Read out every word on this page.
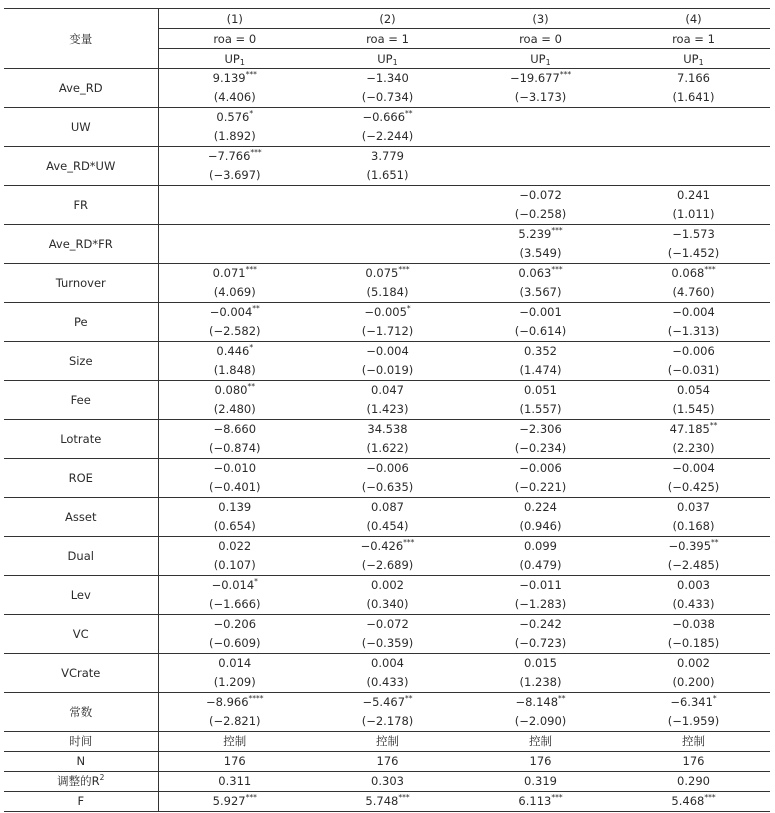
变量	(1)	(2)	(3)	(4)
	roa = 0	roa = 1	roa = 0	roa = 1
	$UP_1$	$UP_1$	$UP_1$	$UP_1$
Ave_RD	9.139***	−1.340	−19.677***	7.166
	(4.406)	(−0.734)	(−3.173)	(1.641)
UW	0.576*	−0.666**		
	(1.892)	(−2.244)		
Ave_RD*UW	−7.766***	3.779		
	(−3.697)	(1.651)		
FR			−0.072	0.241
			(−0.258)	(1.011)
Ave_RD*FR			5.239***	−1.573
			(3.549)	(−1.452)
Turnover	0.071***	0.075***	0.063***	0.068***
	(4.069)	(5.184)	(3.567)	(4.760)
Pe	−0.004**	−0.005*	−0.001	−0.004
	(−2.582)	(−1.712)	(−0.614)	(−1.313)
Size	0.446*	−0.004	0.352	−0.006
	(1.848)	(−0.019)	(1.474)	(−0.031)
Fee	0.080**	0.047	0.051	0.054
	(2.480)	(1.423)	(1.557)	(1.545)
Lotrate	−8.660	34.538	−2.306	47.185**
	(−0.874)	(1.622)	(−0.234)	(2.230)
ROE	−0.010	−0.006	−0.006	−0.004
	(−0.401)	(−0.635)	(−0.221)	(−0.425)
Asset	0.139	0.087	0.224	0.037
	(0.654)	(0.454)	(0.946)	(0.168)
Dual	0.022	−0.426***	0.099	−0.395**
	(0.107)	(−2.689)	(0.479)	(−2.485)
Lev	−0.014*	0.002	−0.011	0.003
	(−1.666)	(0.340)	(−1.283)	(0.433)
VC	−0.206	−0.072	−0.242	−0.038
	(−0.609)	(−0.359)	(−0.723)	(−0.185)
VCrate	0.014	0.004	0.015	0.002
	(1.209)	(0.433)	(1.238)	(0.200)
常数	−8.966****	−5.467**	−8.148**	−6.341*
	(−2.821)	(−2.178)	(−2.090)	(−1.959)
时间	控制	控制	控制	控制
N	176	176	176	176
调整的$R^2$	0.311	0.303	0.319	0.290
F	5.927***	5.748***	6.113***	5.468***
